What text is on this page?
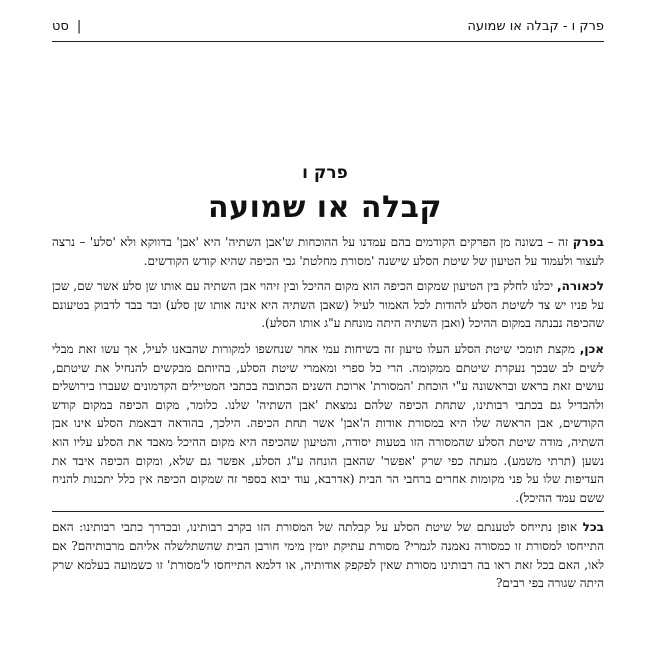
פרק ו - קבלה או שמועה
|
סט
פרק ו
קבלה או שמועה

בפרק זה – בשונה מן הפרקים הקודמים בהם עמדנו על ההוכחות ש'אבן השתיה' היא 'אבן' בדווקא ולא 'סלע' – נרצה לעצור ולעמוד על הטיעון של שיטת הסלע שישנה 'מסורת מחלטת' גבי הכיפה שהיא קודש הקודשים.

לכאורה, יכלנו לחלק בין הטיעון שמקום הכיפה הוא מקום ההיכל ובין זיהוי אבן השתיה עם אותו שן סלע אשר שם, שכן על פניו יש צד לשיטת הסלע להודות לכל האמור לעיל (שאבן השתיה היא אינה אותו שן סלע) ובד בבד לדבוק בטיעונם שהכיפה נבנתה במקום ההיכל (ואבן השתיה היתה מונחת ע"ג אותו הסלע).

אכן, מקצת תומכי שיטת הסלע העלו טיעון זה בשיחות עמי אחר שנחשפו למקורות שהבאנו לעיל, אך עשו זאת מבלי לשים לב שבכך נעקרת שיטתם ממקומה. הרי כל ספרי ומאמרי שיטת הסלע, בהיותם מבקשים להנחיל את שיטתם, עושים זאת בראש ובראשונה ע"י הוכחת 'המסורת' ארוכת השנים הכתובה בכתבי המטיילים הקדמונים שעברו בירושלים ולהבדיל גם בכתבי רבותינו, שתחת הכיפה שלהם נמצאת 'אבן השתיה' שלנו. כלומר, מקום הכיפה במקום קודש הקודשים, אבן הראשה שלו היא במסורת אודות ה'אבן' אשר תחת הכיפה. הילכך, בהודאה דבאמת הסלע אינו אבן השתיה, מודה שיטת הסלע שהמסורה הזו בטעות יסודה, והטיעון שהכיפה היא מקום ההיכל מאבד את הסלע עליו הוא נשען (תרתי משמע). מעתה כפי שרק 'אפשר' שהאבן הונחה ע"ג הסלע, אפשר גם שלא, ומקום הכיפה איבד את העדיפות שלו על פני מקומות אחרים ברחבי הר הבית (אדרבא, עוד יבוא בספר זה שמקום הכיפה אין כלל יתכנות להניח ששם עמד ההיכל).

בכל אופן נתייחס לטענתם של שיטת הסלע על קבלתה של המסורת הזו בקרב רבותינו, ובכדרך כתבי רבותינו: האם התייחסו למסורת זו כמסורה נאמנה לגמרי? מסורת עתיקת יומין מימי חורבן הבית שהשתלשלה אליהם מרבותיהם? אם לאו, האם בכל זאת ראו בה רבותינו מסורת שאין לפקפק אודותיה, או דלמא התייחסו ל'מסורת' זו כשמועה בעלמא שרק היתה שגורה בפי רבים?
